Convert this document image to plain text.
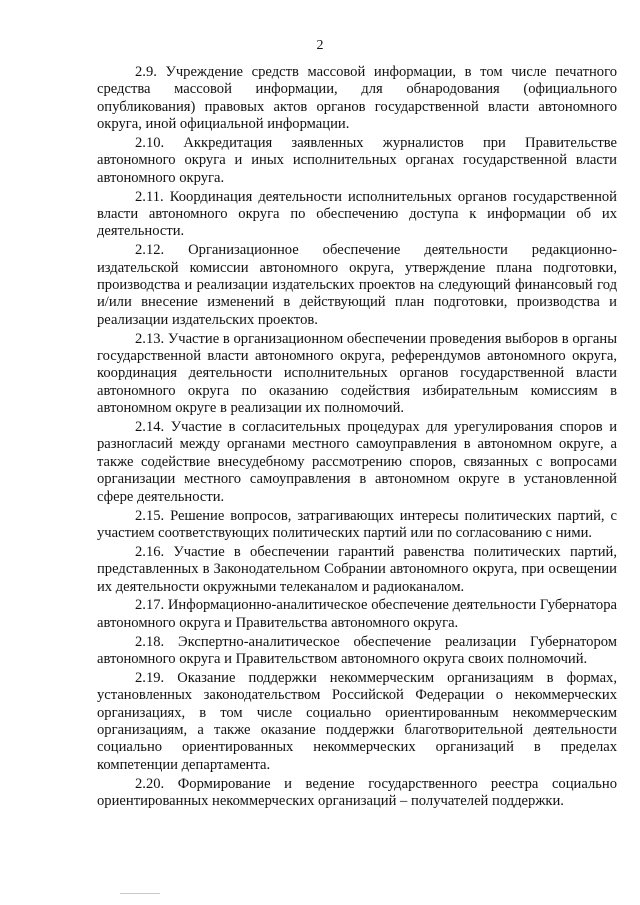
2

2.9. Учреждение средств массовой информации, в том числе печатного средства массовой информации, для обнародования (официального опубликования) правовых актов органов государственной власти автономного округа, иной официальной информации.

2.10. Аккредитация заявленных журналистов при Правительстве автономного округа и иных исполнительных органах государственной власти автономного округа.

2.11. Координация деятельности исполнительных органов государственной власти автономного округа по обеспечению доступа к информации об их деятельности.

2.12. Организационное обеспечение деятельности редакционно-издательской комиссии автономного округа, утверждение плана подготовки, производства и реализации издательских проектов на следующий финансовый год и/или внесение изменений в действующий план подготовки, производства и реализации издательских проектов.

2.13. Участие в организационном обеспечении проведения выборов в органы государственной власти автономного округа, референдумов автономного округа, координация деятельности исполнительных органов государственной власти автономного округа по оказанию содействия избирательным комиссиям в автономном округе в реализации их полномочий.

2.14. Участие в согласительных процедурах для урегулирования споров и разногласий между органами местного самоуправления в автономном округе, а также содействие внесудебному рассмотрению споров, связанных с вопросами организации местного самоуправления в автономном округе в установленной сфере деятельности.

2.15. Решение вопросов, затрагивающих интересы политических партий, с участием соответствующих политических партий или по согласованию с ними.

2.16. Участие в обеспечении гарантий равенства политических партий, представленных в Законодательном Собрании автономного округа, при освещении их деятельности окружными телеканалом и радиоканалом.

2.17. Информационно-аналитическое обеспечение деятельности Губернатора автономного округа и Правительства автономного округа.

2.18. Экспертно-аналитическое обеспечение реализации Губернатором автономного округа и Правительством автономного округа своих полномочий.

2.19. Оказание поддержки некоммерческим организациям в формах, установленных законодательством Российской Федерации о некоммерческих организациях, в том числе социально ориентированным некоммерческим организациям, а также оказание поддержки благотворительной деятельности социально ориентированных некоммерческих организаций в пределах компетенции департамента.

2.20. Формирование и ведение государственного реестра социально ориентированных некоммерческих организаций – получателей поддержки.
